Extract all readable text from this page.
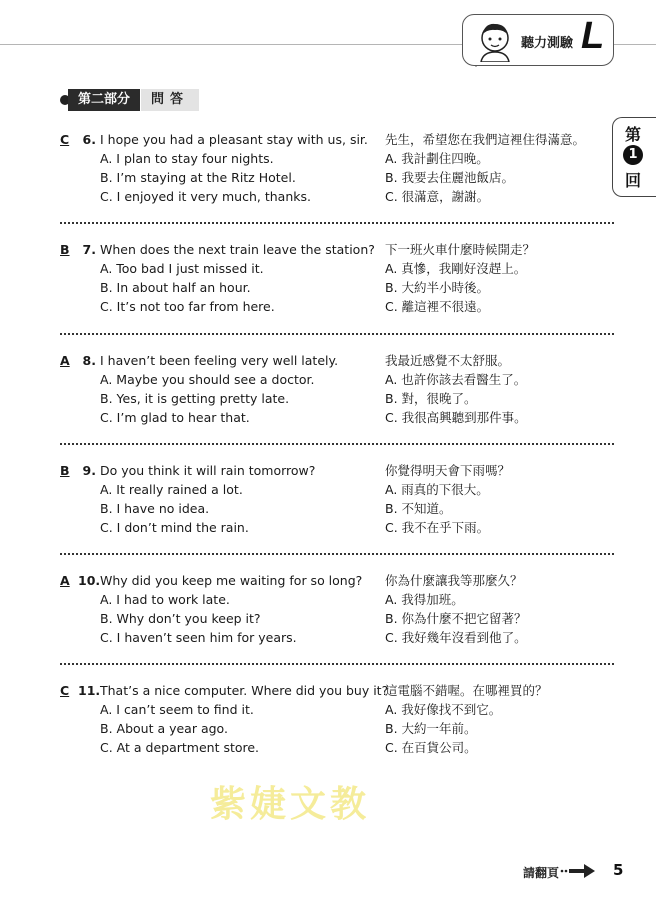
聽力測驗 L
第
1
回
第二部分	問答
C	6. I hope you had a pleasant stay with us, sir. 先生，希望您在我們這裡住得滿意。
A. I plan to stay four nights.
B. I’m staying at the Ritz Hotel.
C. I enjoyed it very much, thanks.
A. 我計劃住四晚。
B. 我要去住麗池飯店。
C. 很滿意，謝謝。
B	7. When does the next train leave the station? 下一班火車什麼時候開走？
A. Too bad I just missed it.
B. In about half an hour.
C. It’s not too far from here.
A. 真慘，我剛好沒趕上。
B. 大約半小時後。
C. 離這裡不很遠。
A	8. I haven’t been feeling very well lately.	我最近感覺不太舒服。
A. Maybe you should see a doctor.
B. Yes, it is getting pretty late.
C. I’m glad to hear that.
A. 也許你該去看醫生了。
B. 對，很晚了。
C. 我很高興聽到那件事。
B	9. Do you think it will rain tomorrow?	你覺得明天會下雨嗎？
A. It really rained a lot.
B. I have no idea.
C. I don’t mind the rain.
A. 雨真的下很大。
B. 不知道。
C. 我不在乎下雨。
A 10. Why did you keep me waiting for so long? 你為什麼讓我等那麼久？
A. I had to work late.
B. Why don’t you keep it?
C. I haven’t seen him for years.
A. 我得加班。
B. 你為什麼不把它留著？
C. 我好幾年沒看到他了。
C 11. That’s a nice computer. Where did you buy it?
這電腦不錯喔。在哪裡買的？
A. I can’t seem to find it.
B. About a year ago.
C. At a department store.
A. 我好像找不到它。
B. 大約一年前。
C. 在百貨公司。
紫婕文教
請翻頁	5
